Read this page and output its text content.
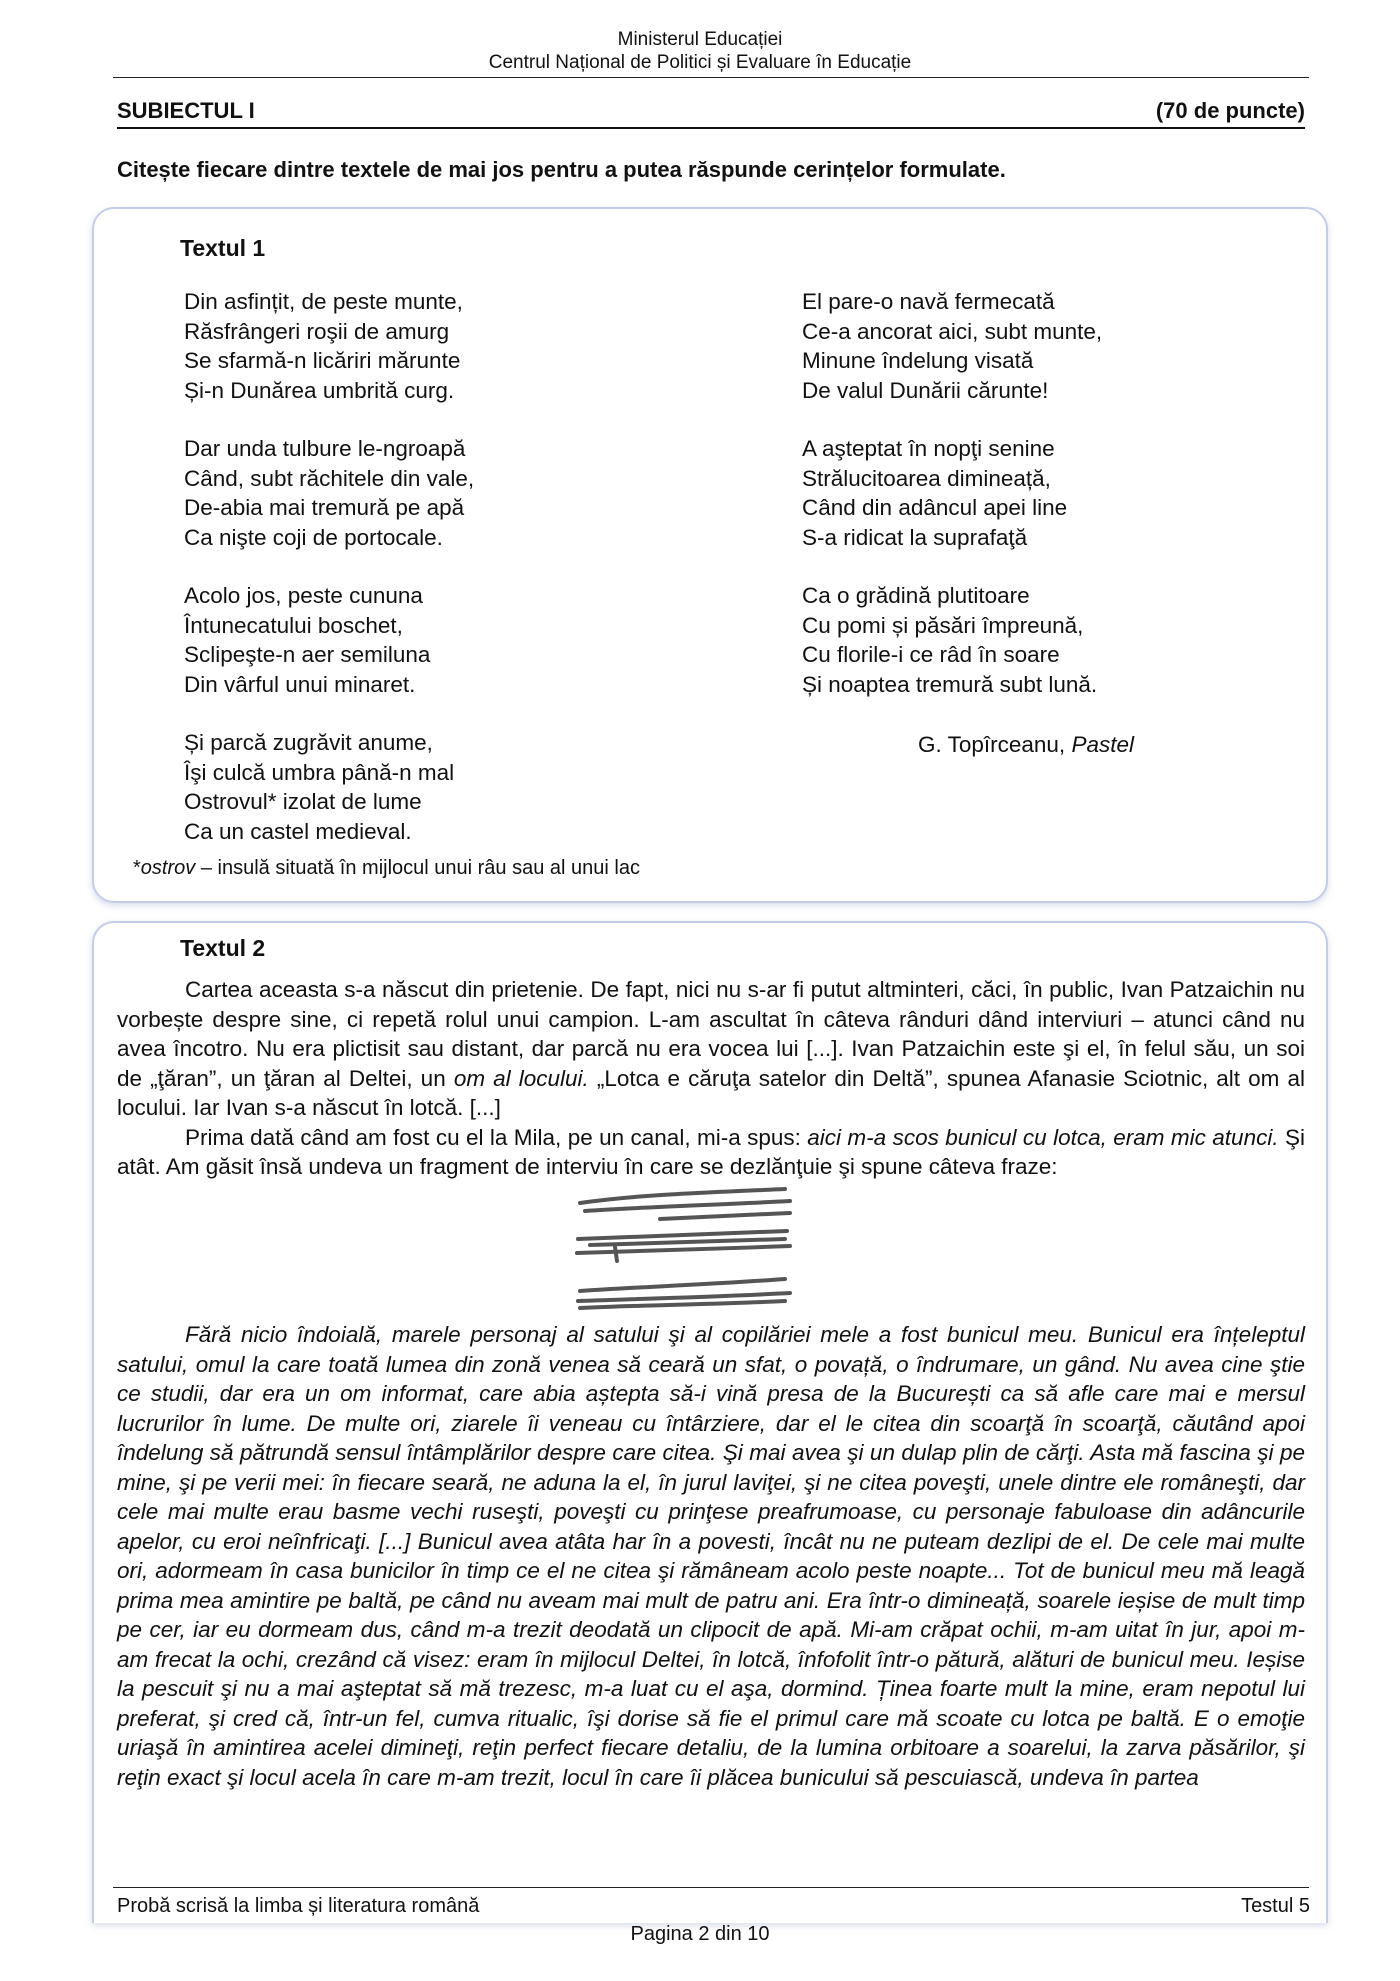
Ministerul Educației
Centrul Național de Politici și Evaluare în Educație
SUBIECTUL I	(70 de puncte)
Citește fiecare dintre textele de mai jos pentru a putea răspunde cerințelor formulate.
Textul 1
Din asfințit, de peste munte,
Răsfrângeri roşii de amurg
Se sfarmă-n licăriri mărunte
Și-n Dunărea umbrită curg.
Dar unda tulbure le-ngroapă
Când, subt răchitele din vale,
De-abia mai tremură pe apă
Ca nişte coji de portocale.
Acolo jos, peste cununa
Întunecatului boschet,
Sclipeşte-n aer semiluna
Din vârful unui minaret.
Și parcă zugrăvit anume,
Îşi culcă umbra până-n mal
Ostrovul* izolat de lume
Ca un castel medieval.
El pare-o navă fermecată
Ce-a ancorat aici, subt munte,
Minune îndelung visată
De valul Dunării cărunte!
A aşteptat în nopţi senine
Strălucitoarea dimineață,
Când din adâncul apei line
S-a ridicat la suprafaţă
Ca o grădină plutitoare
Cu pomi și păsări împreună,
Cu florile-i ce râd în soare
Și noaptea tremură subt lună.
G. Topîrceanu, Pastel
*ostrov – insulă situată în mijlocul unui râu sau al unui lac
Textul 2

Cartea aceasta s-a născut din prietenie. De fapt, nici nu s-ar fi putut altminteri, căci, în public, Ivan Patzaichin nu vorbește despre sine, ci repetă rolul unui campion. L-am ascultat în câteva rânduri dând interviuri – atunci când nu avea încotro. Nu era plictisit sau distant, dar parcă nu era vocea lui [...]. Ivan Patzaichin este şi el, în felul său, un soi de „ţăran”, un ţăran al Deltei, un om al locului. „Lotca e căruţa satelor din Deltă”, spunea Afanasie Sciotnic, alt om al locului. Iar Ivan s-a născut în lotcă. [...]

Prima dată când am fost cu el la Mila, pe un canal, mi-a spus: aici m-a scos bunicul cu lotca, eram mic atunci. Şi atât. Am găsit însă undeva un fragment de interviu în care se dezlănţuie şi spune câteva fraze:

Fără nicio îndoială, marele personaj al satului şi al copilăriei mele a fost bunicul meu. Bunicul era înțeleptul satului, omul la care toată lumea din zonă venea să ceară un sfat, o povață, o îndrumare, un gând. Nu avea cine ştie ce studii, dar era un om informat, care abia aștepta să-i vină presa de la București ca să afle care mai e mersul lucrurilor în lume. De multe ori, ziarele îi veneau cu întârziere, dar el le citea din scoarţă în scoarţă, căutând apoi îndelung să pătrundă sensul întâmplărilor despre care citea. Şi mai avea şi un dulap plin de cărţi. Asta mă fascina şi pe mine, şi pe verii mei: în fiecare seară, ne aduna la el, în jurul laviţei, şi ne citea poveşti, unele dintre ele româneşti, dar cele mai multe erau basme vechi ruseşti, poveşti cu prinţese preafrumoase, cu personaje fabuloase din adâncurile apelor, cu eroi neînfricaţi. [...] Bunicul avea atâta har în a povesti, încât nu ne puteam dezlipi de el. De cele mai multe ori, adormeam în casa bunicilor în timp ce el ne citea şi rămâneam acolo peste noapte... Tot de bunicul meu mă leagă prima mea amintire pe baltă, pe când nu aveam mai mult de patru ani. Era într-o dimineață, soarele ieșise de mult timp pe cer, iar eu dormeam dus, când m-a trezit deodată un clipocit de apă. Mi-am crăpat ochii, m-am uitat în jur, apoi m-am frecat la ochi, crezând că visez: eram în mijlocul Deltei, în lotcă, înfofolit într-o pătură, alături de bunicul meu. Ieșise la pescuit şi nu a mai aşteptat să mă trezesc, m-a luat cu el aşa, dormind. Ținea foarte mult la mine, eram nepotul lui preferat, şi cred că, într-un fel, cumva ritualic, îşi dorise să fie el primul care mă scoate cu lotca pe baltă. E o emoţie uriaşă în amintirea acelei dimineţi, reţin perfect fiecare detaliu, de la lumina orbitoare a soarelui, la zarva păsărilor, şi reţin exact şi locul acela în care m-am trezit, locul în care îi plăcea bunicului să pescuiască, undeva în partea

Probă scrisă la limba și literatura română	Testul 5
Pagina 2 din 10
